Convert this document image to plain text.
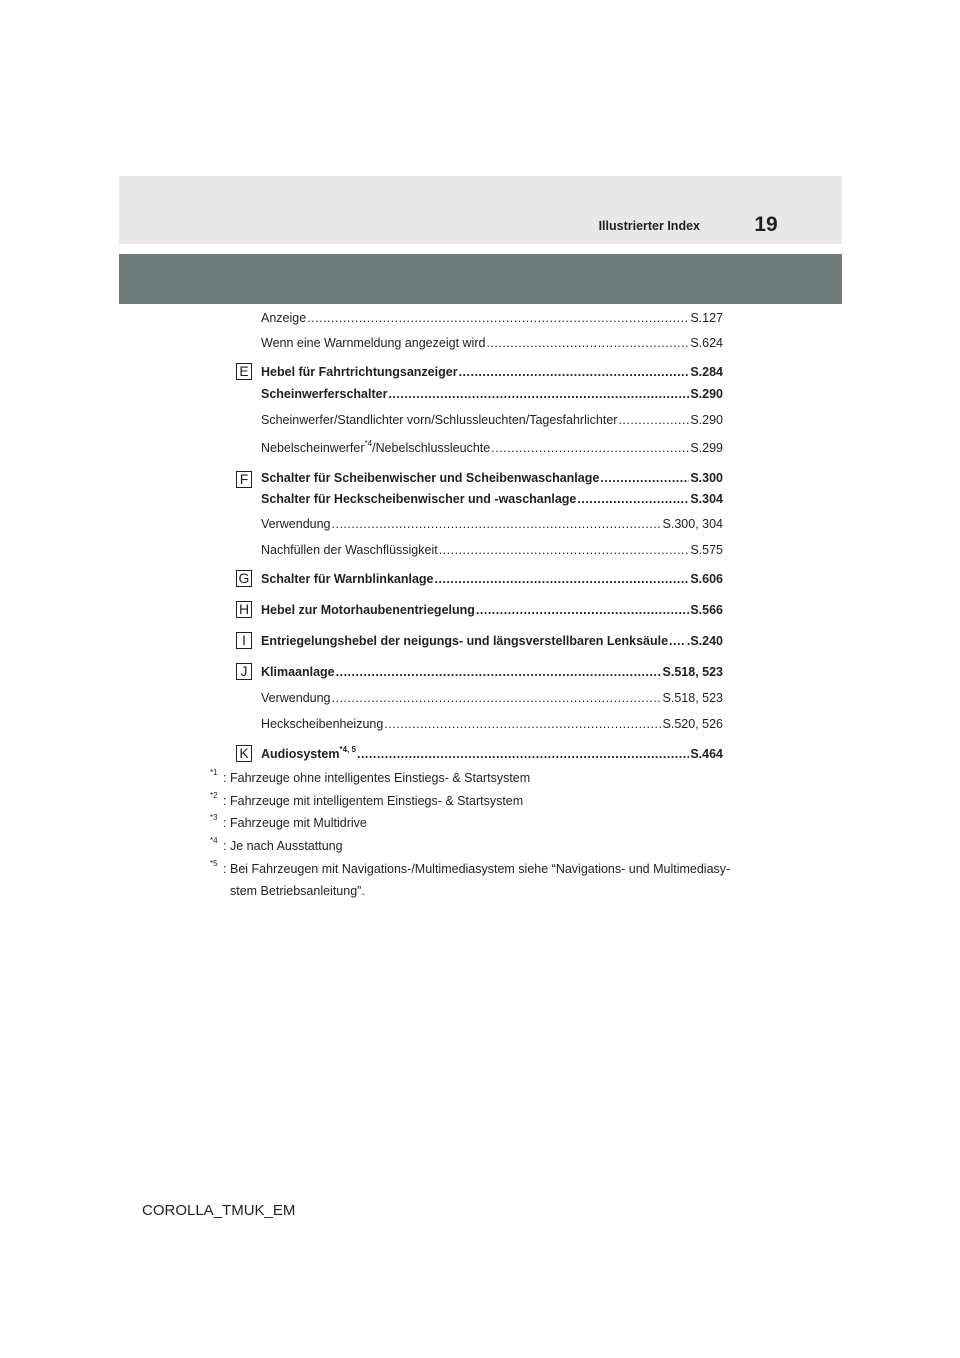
Illustrierter Index	19
Anzeige .....	S.127
Wenn eine Warnmeldung angezeigt wird .....	S.624
E Hebel für Fahrtrichtungsanzeiger .....	S.284
Scheinwerferschalter .....	S.290
Scheinwerfer/Standlichter vorn/Schlussleuchten/Tagesfahrlichter .....	S.290
Nebelscheinwerfer$^{*4}$/Nebelschlussleuchte .....	S.299
F Schalter für Scheibenwischer und Scheibenwaschanlage .....	S.300
Schalter für Heckscheibenwischer und -waschanlage .....	S.304
Verwendung .....	S.300, 304
Nachfüllen der Waschflüssigkeit .....	S.575
G Schalter für Warnblinkanlage .....	S.606
H Hebel zur Motorhaubenentriegelung .....	S.566
I	Entriegelungshebel der neigungs- und längsverstellbaren Lenksäule ..... .S.240
J	Klimaanlage .....	S.518, 523
Verwendung .....	S.518, 523
Heckscheibenheizung .....	S.520, 526
K Audiosystem$^{*4, 5}$ .....	S.464
*1 : Fahrzeuge ohne intelligentes Einstiegs- & Startsystem
*2 : Fahrzeuge mit intelligentem Einstiegs- & Startsystem
*3 : Fahrzeuge mit Multidrive
*4 : Je nach Ausstattung
*5 : Bei Fahrzeugen mit Navigations-/Multimediasystem siehe “Navigations- und Multimediasy-
stem Betriebsanleitung”.
COROLLA_TMUK_EM
